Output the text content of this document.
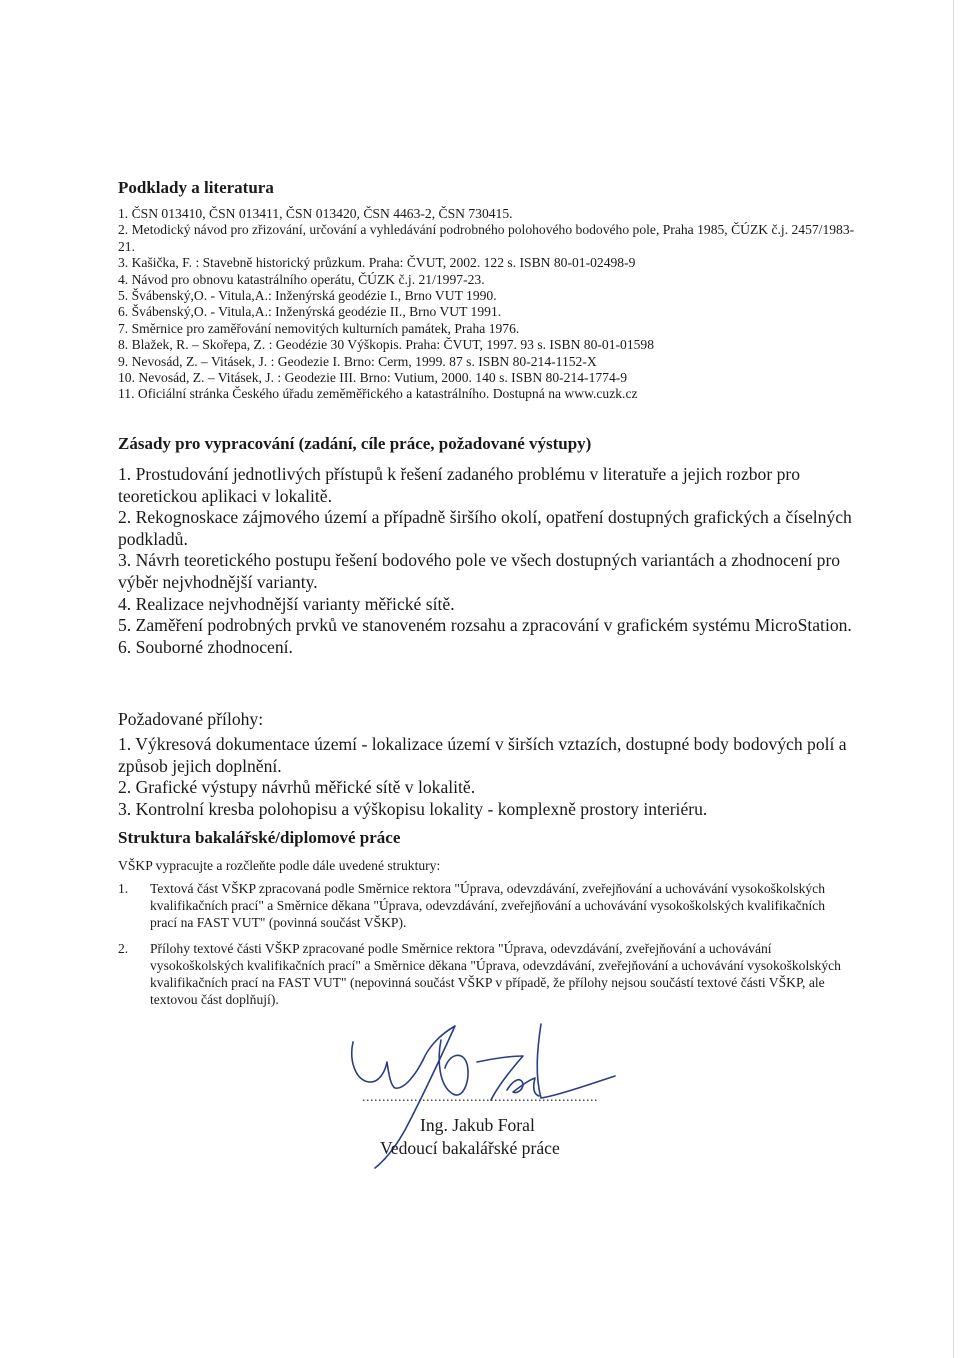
Podklady a literatura
1. ČSN 013410, ČSN 013411, ČSN 013420, ČSN 4463-2, ČSN 730415.
2. Metodický návod pro zřizování, určování a vyhledávání podrobného polohového bodového pole, Praha 1985, ČÚZK č.j. 2457/1983-21.
3. Kašička, F. : Stavebně historický průzkum. Praha: ČVUT, 2002. 122 s. ISBN 80-01-02498-9
4. Návod pro obnovu katastrálního operátu, ČÚZK č.j. 21/1997-23.
5. Švábenský,O. - Vitula,A.: Inženýrská geodézie I., Brno VUT 1990.
6. Švábenský,O. - Vitula,A.: Inženýrská geodézie II., Brno VUT 1991.
7. Směrnice pro zaměřování nemovitých kulturních památek, Praha 1976.
8. Blažek, R. – Skořepa, Z. : Geodézie 30 Výškopis. Praha: ČVUT, 1997. 93 s. ISBN 80-01-01598
9. Nevosád, Z. – Vitásek, J. : Geodezie I. Brno: Cerm, 1999. 87 s. ISBN 80-214-1152-X
10. Nevosád, Z. – Vitásek, J. : Geodezie III. Brno: Vutium, 2000. 140 s. ISBN 80-214-1774-9
11. Oficiální stránka Českého úřadu zeměměřického a katastrálního. Dostupná na www.cuzk.cz
Zásady pro vypracování (zadání, cíle práce, požadované výstupy)
1. Prostudování jednotlivých přístupů k řešení zadaného problému v literatuře a jejich rozbor pro teoretickou aplikaci v lokalitě.
2. Rekognoskace zájmového území a případně širšího okolí, opatření dostupných grafických a číselných podkladů.
3. Návrh teoretického postupu řešení bodového pole ve všech dostupných variantách a zhodnocení pro výběr nejvhodnější varianty.
4. Realizace nejvhodnější varianty měřické sítě.
5. Zaměření podrobných prvků ve stanoveném rozsahu a zpracování v grafickém systému MicroStation.
6. Souborné zhodnocení.
Požadované přílohy:
1. Výkresová dokumentace území - lokalizace území v širších vztazích, dostupné body bodových polí a způsob jejich doplnění.
2. Grafické výstupy návrhů měřické sítě v lokalitě.
3. Kontrolní kresba polohopisu a výškopisu lokality - komplexně prostory interiéru.
Struktura bakalářské/diplomové práce
VŠKP vypracujte a rozčleňte podle dále uvedené struktury:
1.	Textová část VŠKP zpracovaná podle Směrnice rektora "Úprava, odevzdávání, zveřejňování a uchovávání vysokoškolských kvalifikačních prací" a Směrnice děkana "Úprava, odevzdávání, zveřejňování a uchovávání vysokoškolských kvalifikačních prací na FAST VUT" (povinná součást VŠKP).
2.	Přílohy textové části VŠKP zpracované podle Směrnice rektora "Úprava, odevzdávání, zveřejňování a uchovávání vysokoškolských kvalifikačních prací" a Směrnice děkana "Úprava, odevzdávání, zveřejňování a uchovávání vysokoškolských kvalifikačních prací na FAST VUT" (nepovinná součást VŠKP v případě, že přílohy nejsou součástí textové části VŠKP, ale textovou část doplňují).
...........................................................
Ing. Jakub Foral
Vedoucí bakalářské práce
